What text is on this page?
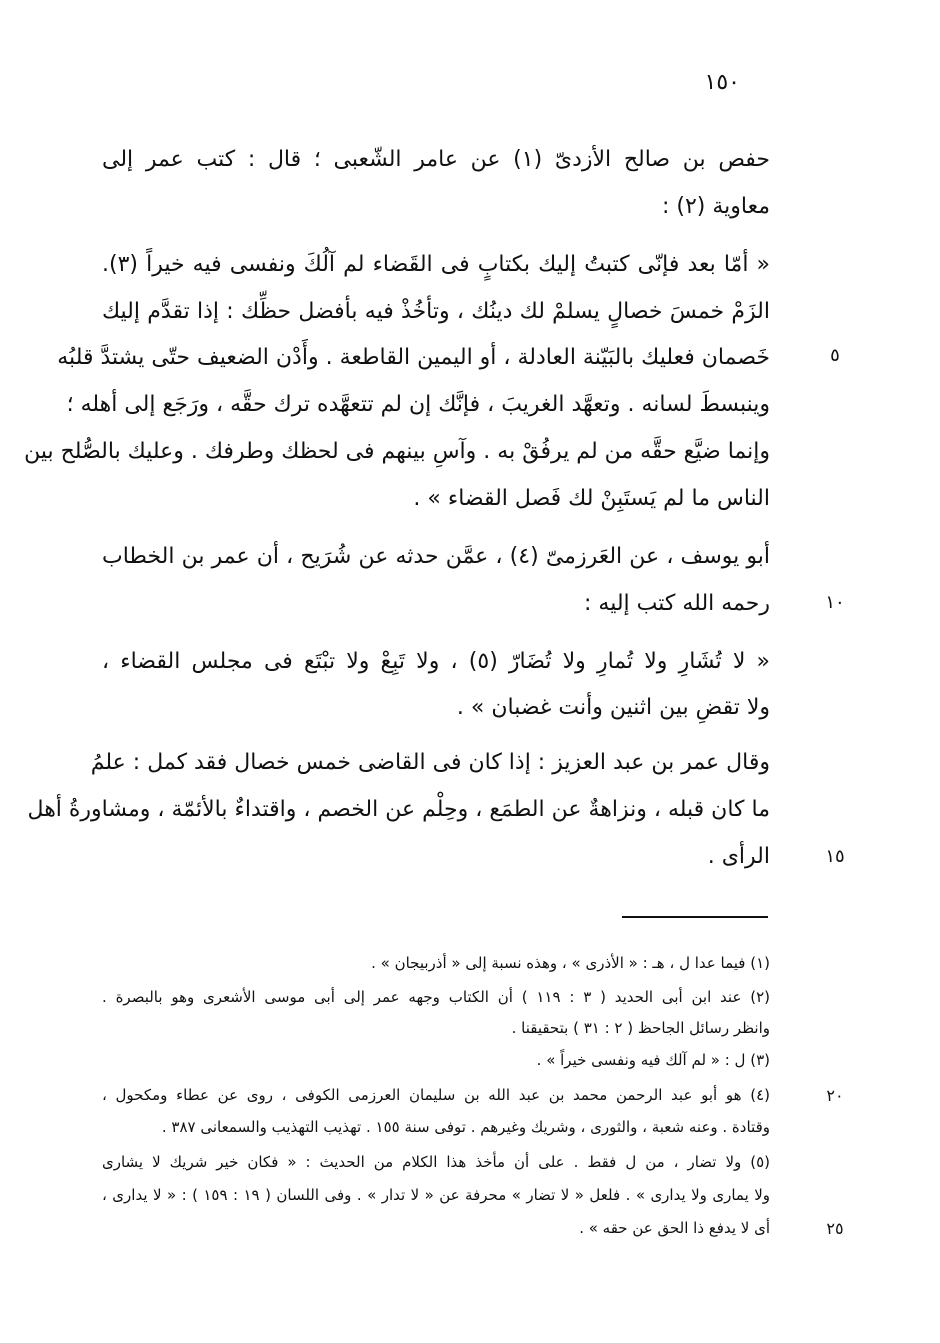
١٥٠
حفص بن صالح الأزدىّ (١) عن عامر الشّعبى ؛ قال : كتب عمر إلى
معاوية (٢) :
« أمّا بعد فإنّى كتبتُ إليك بكتابٍ فى القَضاء لم آلُكَ ونفسى فيه خيراً (٣).
الزَمْ خمسَ خصالٍ يسلمْ لك دينُك ، وتأخُذْ فيه بأفضل حظِّك : إذا تقدَّم إليك
خَصمان فعليك بالبَيّنة العادلة ، أو اليمين القاطعة . وأَدْن الضعيف حتّى يشتدَّ قلبُه
وينبسطَ لسانه . وتعهَّد الغريبَ ، فإنَّك إن لم تتعهَّده ترك حقَّه ، ورَجَع إلى أهله ؛
وإنما ضيَّع حقَّه من لم يرفُقْ به . وآسِ بينهم فى لحظك وطرفك . وعليك بالصُّلح بين
الناس ما لم يَستَبِنْ لك فَصل القضاء » .
أبو يوسف ، عن العَرزمىّ (٤) ، عمَّن حدثه عن شُرَيح ، أن عمر بن الخطاب
رحمه الله كتب إليه :
« لا تُشَارِ ولا تُمارِ ولا تُضَارّ (٥) ، ولا تَبِعْ ولا تبْتَع فى مجلس القضاء ،
ولا تقضِ بين اثنين وأنت غضبان » .
وقال عمر بن عبد العزيز : إذا كان فى القاضى خمس خصال فقد كمل : علمُ
ما كان قبله ، ونزاهةٌ عن الطمَع ، وحِلْم عن الخصم ، واقتداءٌ بالأئمّة ، ومشاورةُ أهل
الرأى .
٥
١٠
١٥
(١) فيما عدا ل ، هـ : « الأذرى » ، وهذه نسبة إلى « أذربيجان » .
(٢) عند ابن أبى الحديد ( ٣ : ١١٩ ) أن الكتاب وجهه عمر إلى أبى موسى الأشعرى وهو بالبصرة .
وانظر رسائل الجاحظ ( ٢ : ٣١ ) بتحقيقنا .
(٣) ل : « لم آلك فيه ونفسى خيراً » .
(٤) هو أبو عبد الرحمن محمد بن عبد الله بن سليمان العرزمى الكوفى ، روى عن عطاء ومكحول ،
وقتادة . وعنه شعبة ، والثورى ، وشريك وغيرهم . توفى سنة ١٥٥ . تهذيب التهذيب والسمعانى ٣٨٧ .
(٥) ولا تضار ، من ل فقط . على أن مأخذ هذا الكلام من الحديث : « فكان خير شريك لا يشارى
ولا يمارى ولا يدارى » . فلعل « لا تضار » محرفة عن « لا تدار » . وفى اللسان ( ١٩ : ١٥٩ ) : « لا يدارى ،
أى لا يدفع ذا الحق عن حقه » .
٢٠
٢٥
